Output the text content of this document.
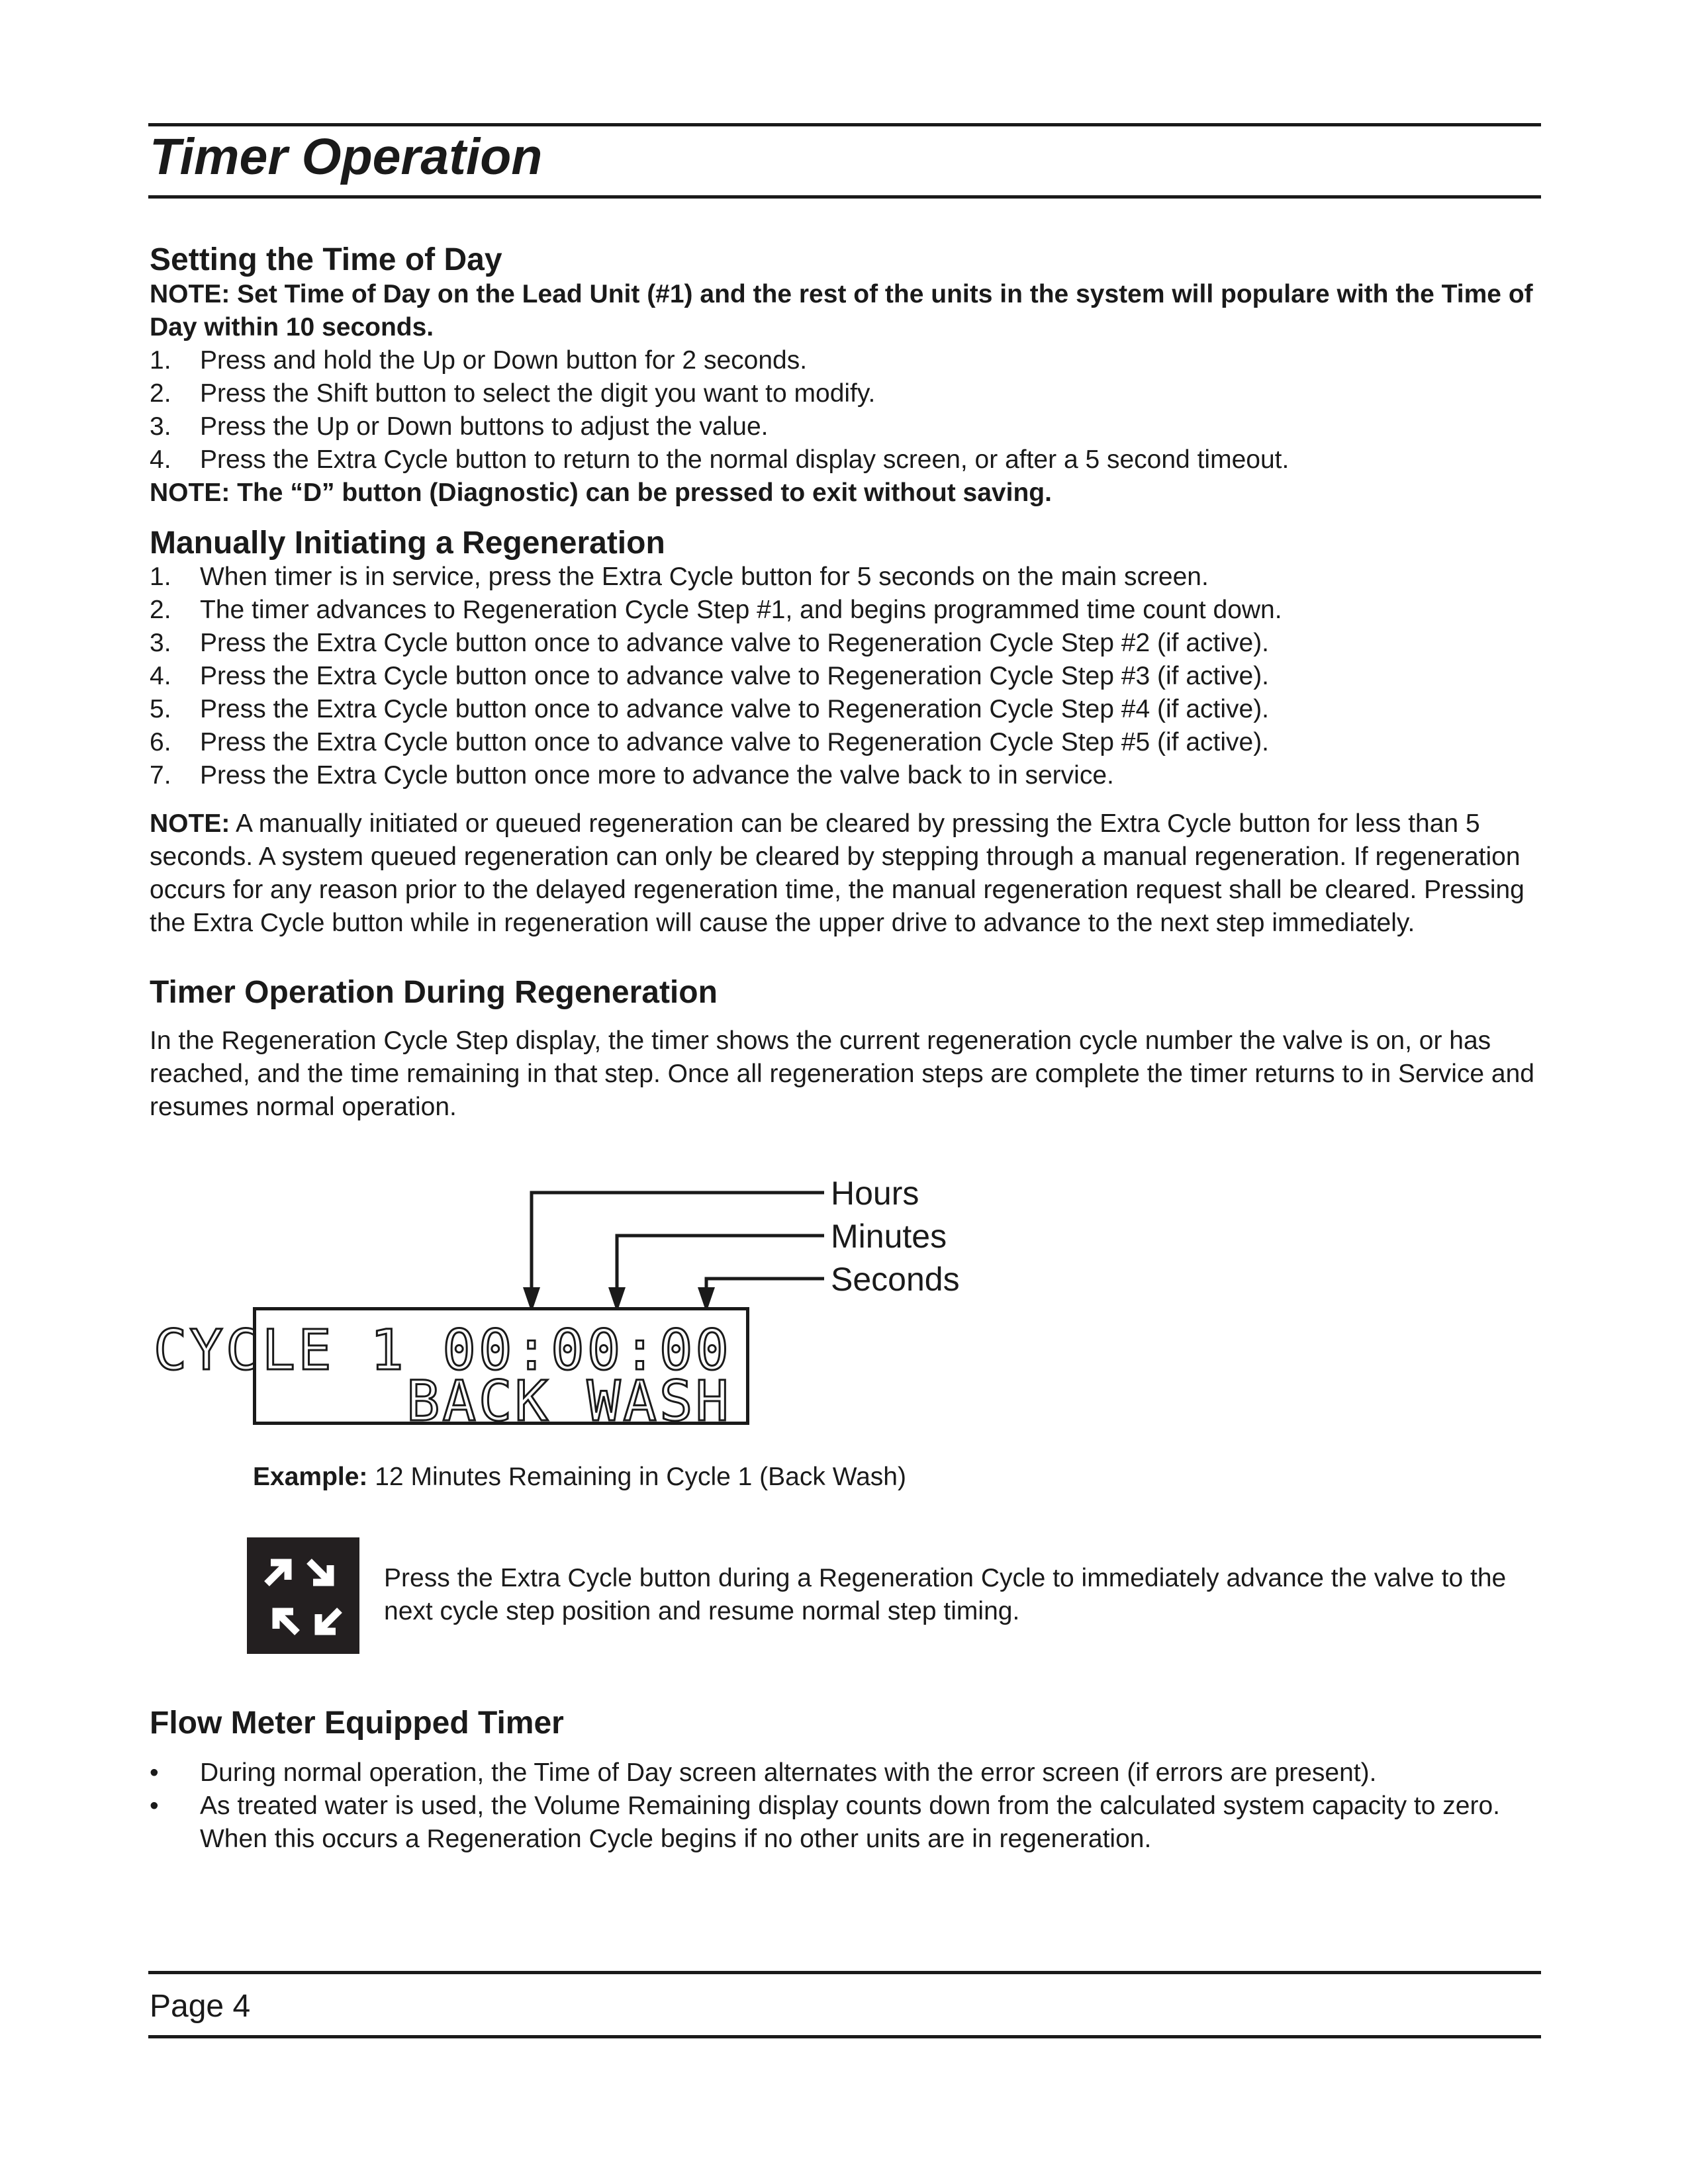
Timer Operation
Setting the Time of Day
NOTE: Set Time of Day on the Lead Unit (#1) and the rest of the units in the system will populare with the Time of Day within 10 seconds.
1. Press and hold the Up or Down button for 2 seconds.
2. Press the Shift button to select the digit you want to modify.
3. Press the Up or Down buttons to adjust the value.
4. Press the Extra Cycle button to return to the normal display screen, or after a 5 second timeout.
NOTE: The “D” button (Diagnostic) can be pressed to exit without saving.
Manually Initiating a Regeneration
1. When timer is in service, press the Extra Cycle button for 5 seconds on the main screen.
2. The timer advances to Regeneration Cycle Step #1, and begins programmed time count down.
3. Press the Extra Cycle button once to advance valve to Regeneration Cycle Step #2 (if active).
4. Press the Extra Cycle button once to advance valve to Regeneration Cycle Step #3 (if active).
5. Press the Extra Cycle button once to advance valve to Regeneration Cycle Step #4 (if active).
6. Press the Extra Cycle button once to advance valve to Regeneration Cycle Step #5 (if active).
7. Press the Extra Cycle button once more to advance the valve back to in service.

NOTE: A manually initiated or queued regeneration can be cleared by pressing the Extra Cycle button for less than 5 seconds. A system queued regeneration can only be cleared by stepping through a manual regeneration. If regeneration occurs for any reason prior to the delayed regeneration time, the manual regeneration request shall be cleared. Pressing the Extra Cycle button while in regeneration will cause the upper drive to advance to the next step immediately.

Timer Operation During Regeneration

In the Regeneration Cycle Step display, the timer shows the current regeneration cycle number the valve is on, or has reached, and the time remaining in that step. Once all regeneration steps are complete the timer returns to in Service and resumes normal operation.

Hours
Minutes
Seconds
CYCLE 1 00:00:00
BACK WASH
Example: 12 Minutes Remaining in Cycle 1 (Back Wash)
Press the Extra Cycle button during a Regeneration Cycle to immediately advance the valve to the next cycle step position and resume normal step timing.
Flow Meter Equipped Timer
• During normal operation, the Time of Day screen alternates with the error screen (if errors are present).
• As treated water is used, the Volume Remaining display counts down from the calculated system capacity to zero. When this occurs a Regeneration Cycle begins if no other units are in regeneration.
Page 4
